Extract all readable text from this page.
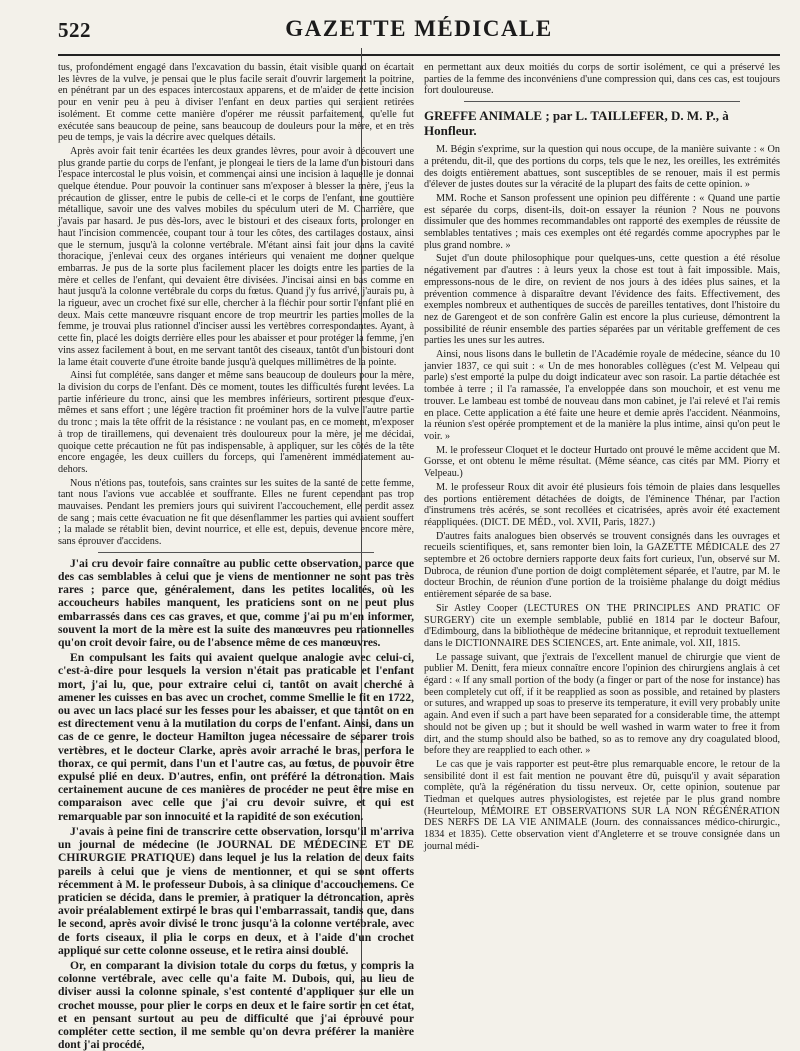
522	GAZETTE MÉDICALE

tus, profondément engagé dans l'excavation du bassin, était visible quand on écartait les lèvres de la vulve, je pensai que le plus facile serait d'ouvrir largement la poitrine, en pénétrant par un des espaces intercostaux apparens, et de m'aider de cette incision pour en venir peu à peu à diviser l'enfant en deux parties qui seraient retirées isolément. Et comme cette manière d'opérer me réussit parfaitement, qu'elle fut exécutée sans beaucoup de peine, sans beaucoup de douleurs pour la mère, et en très peu de temps, je vais la décrire avec quelques détails.

Après avoir fait tenir écartées les deux grandes lèvres, pour avoir à découvert une plus grande partie du corps de l'enfant, je plongeai le tiers de la lame d'un bistouri dans l'espace intercostal le plus voisin, et commençai ainsi une incision à laquelle je donnai quelque étendue. Pour pouvoir la continuer sans m'exposer à blesser la mère, j'eus la précaution de glisser, entre le pubis de celle-ci et le corps de l'enfant, une gouttière métallique, savoir une des valves mobiles du spéculum uteri de M. Charrière, que j'avais par hasard. Je pus dès-lors, avec le bistouri et des ciseaux forts, prolonger en haut l'incision commencée, coupant tour à tour les côtes, des cartilages costaux, ainsi que le sternum, jusqu'à la colonne vertébrale. M'étant ainsi fait jour dans la cavité thoracique, j'enlevai ceux des organes intérieurs qui venaient me donner quelque embarras. Je pus de la sorte plus facilement placer les doigts entre les parties de la mère et celles de l'enfant, qui devaient être divisées. J'incisai ainsi en bas comme en haut jusqu'à la colonne vertébrale du corps du fœtus. Quand j'y fus arrivé, j'aurais pu, à la rigueur, avec un crochet fixé sur elle, chercher à la fléchir pour sortir l'enfant plié en deux. Mais cette manœuvre risquant encore de trop meurtrir les parties molles de la femme, je trouvai plus rationnel d'inciser aussi les vertèbres correspondantes. Ayant, à cette fin, placé les doigts derrière elles pour les abaisser et pour protéger la femme, j'en vins assez facilement à bout, en me servant tantôt des ciseaux, tantôt d'un bistouri dont la lame était couverte d'une étroite bande jusqu'à quelques millimètres de la pointe.

Ainsi fut complétée, sans danger et même sans beaucoup de douleurs pour la mère, la division du corps de l'enfant. Dès ce moment, toutes les difficultés furent levées. La partie inférieure du tronc, ainsi que les membres inférieurs, sortirent presque d'eux-mêmes et sans effort ; une légère traction fit proéminer hors de la vulve l'autre partie du tronc ; mais la tête offrit de la résistance : ne voulant pas, en ce moment, m'exposer à trop de tiraillemens, qui devenaient très douloureux pour la mère, je me décidai, quoique cette précaution ne fût pas indispensable, à appliquer, sur les côtés de la tête encore engagée, les deux cuillers du forceps, qui l'amenèrent immédiatement au-dehors.

Nous n'étions pas, toutefois, sans craintes sur les suites de la santé de cette femme, tant nous l'avions vue accablée et souffrante. Elles ne furent cependant pas trop mauvaises. Pendant les premiers jours qui suivirent l'accouchement, elle perdit assez de sang ; mais cette évacuation ne fit que désenflammer les parties qui avaient souffert ; la malade se rétablit bien, devint nourrice, et elle est, depuis, devenue encore mère, sans éprouver d'accidens.

J'ai cru devoir faire connaître au public cette observation, parce que des cas semblables à celui que je viens de mentionner ne sont pas très rares ; parce que, généralement, dans les petites localités, où les accoucheurs habiles manquent, les praticiens sont on ne peut plus embarrassés dans ces cas graves, et que, comme j'ai pu m'en informer, souvent la mort de la mère est la suite des manœuvres peu rationnelles qu'on croit devoir faire, ou de l'absence même de ces manœuvres.

En compulsant les faits qui avaient quelque analogie avec celui-ci, c'est-à-dire pour lesquels la version n'était pas praticable et l'enfant mort, j'ai lu, que, pour extraire celui ci, tantôt on avait cherché à amener les cuisses en bas avec un crochet, comme Smellie le fit en 1722, ou avec un lacs placé sur les fesses pour les abaisser, et que tantôt on en est directement venu à la mutilation du corps de l'enfant. Ainsi, dans un cas de ce genre, le docteur Hamilton jugea nécessaire de séparer trois vertèbres, et le docteur Clarke, après avoir arraché le bras, perfora le thorax, ce qui permit, dans l'un et l'autre cas, au fœtus, de pouvoir être expulsé plié en deux. D'autres, enfin, ont préféré la détronation. Mais certainement aucune de ces manières de procéder ne peut être mise en comparaison avec celle que j'ai cru devoir suivre, et qui est remarquable par son innocuité et la rapidité de son exécution.

J'avais à peine fini de transcrire cette observation, lorsqu'il m'arriva un journal de médecine (le JOURNAL DE MÉDECINE ET DE CHIRURGIE PRATIQUE) dans lequel je lus la relation de deux faits pareils à celui que je viens de mentionner, et qui se sont offerts récemment à M. le professeur Dubois, à sa clinique d'accouchemens. Ce praticien se décida, dans le premier, à pratiquer la détroncation, après avoir préalablement extirpé le bras qui l'embarrassait, tandis que, dans le second, après avoir divisé le tronc jusqu'à la colonne vertébrale, avec de forts ciseaux, il plia le corps en deux, et à l'aide d'un crochet appliqué sur cette colonne osseuse, et le retira ainsi doublé.

Or, en comparant la division totale du corps du fœtus, y compris la colonne vertébrale, avec celle qu'a faite M. Dubois, qui, au lieu de diviser aussi la colonne spinale, s'est contenté d'appliquer sur elle un crochet mousse, pour plier le corps en deux et le faire sortir en cet état, et en pensant surtout au peu de difficulté que j'ai éprouvé pour compléter cette section, il me semble qu'on devra préférer la manière dont j'ai procédé,

en permettant aux deux moitiés du corps de sortir isolément, ce qui a préservé les parties de la femme des inconvéniens d'une compression qui, dans ces cas, est toujours fort douloureuse.

GREFFE ANIMALE ; par L. TAILLEFER, D. M. P., à Honfleur.

M. Bégin s'exprime, sur la question qui nous occupe, de la manière suivante : « On a prétendu, dit-il, que des portions du corps, tels que le nez, les oreilles, les extrémités des doigts entièrement abattues, sont susceptibles de se renouer, mais il est permis d'élever de justes doutes sur la véracité de la plupart des faits de cette opinion. »

MM. Roche et Sanson professent une opinion peu différente : « Quand une partie est séparée du corps, disent-ils, doit-on essayer la réunion ? Nous ne pouvons dissimuler que des hommes recommandables ont rapporté des exemples de réussite de semblables tentatives ; mais ces exemples ont été regardés comme apocryphes par le plus grand nombre. »

Sujet d'un doute philosophique pour quelques-uns, cette question a été résolue négativement par d'autres : à leurs yeux la chose est tout à fait impossible. Mais, empressons-nous de le dire, on revient de nos jours à des idées plus saines, et la prévention commence à disparaître devant l'évidence des faits. Effectivement, des exemples nombreux et authentiques de succès de pareilles tentatives, dont l'histoire du nez de Garengeot et de son confrère Galin est encore la plus curieuse, démontrent la possibilité de réunir ensemble des parties séparées par un véritable greffement de ces parties les unes sur les autres.

Ainsi, nous lisons dans le bulletin de l'Académie royale de médecine, séance du 10 janvier 1837, ce qui suit : « Un de mes honorables collègues (c'est M. Velpeau qui parle) s'est emporté la pulpe du doigt indicateur avec son rasoir. La partie détachée est tombée à terre ; il l'a ramassée, l'a enveloppée dans son mouchoir, et est venu me trouver. Le lambeau est tombé de nouveau dans mon cabinet, je l'ai relevé et l'ai remis en place. Cette application a été faite une heure et demie après l'accident. Néanmoins, la réunion s'est opérée promptement et de la manière la plus intime, ainsi qu'on peut le voir. »

M. le professeur Cloquet et le docteur Hurtado ont prouvé le même accident que M. Gorsse, et ont obtenu le même résultat. (Même séance, cas cités par MM. Piorry et Velpeau.)

M. le professeur Roux dit avoir été plusieurs fois témoin de plaies dans lesquelles des portions entièrement détachées de doigts, de l'éminence Thénar, par l'action d'instrumens très acérés, se sont recollées et cicatrisées, après avoir été exactement réappliquées. (DICT. DE MÉD., vol. XVII, Paris, 1827.)

D'autres faits analogues bien observés se trouvent consignés dans les ouvrages et recueils scientifiques, et, sans remonter bien loin, la GAZETTE MÉDICALE des 27 septembre et 26 octobre derniers rapporte deux faits fort curieux, l'un, observé sur M. Dubroca, de réunion d'une portion de doigt complètement séparée, et l'autre, par M. le docteur Brochin, de réunion d'une portion de la troisième phalange du doigt médius entièrement séparée de sa base.

Sir Astley Cooper (LECTURES ON THE PRINCIPLES AND PRATIC OF SURGERY) cite un exemple semblable, publié en 1814 par le docteur Bafour, d'Edimbourg, dans la bibliothèque de médecine britannique, et reproduit textuellement dans le DICTIONNAIRE DES SCIENCES, art. Ente animale, vol. XII, 1815.

Le passage suivant, que j'extrais de l'excellent manuel de chirurgie que vient de publier M. Denitt, fera mieux connaître encore l'opinion des chirurgiens anglais à cet égard : « If any small portion of the body (a finger or part of the nose for instance) has been completely cut off, if it be reapplied as soon as possible, and retained by plasters or sutures, and wrapped up soas to preserve its temperature, it evill very probably unite again. And even if such a part have been separated for a considerable time, the attempt should not be given up ; but it should be well washed in warm water to free it from dirt, and the stump should also be bathed, so as to remove any dry coagulated blood, before they are reapplied to each other. »

Le cas que je vais rapporter est peut-être plus remarquable encore, le retour de la sensibilité dont il est fait mention ne pouvant être dû, puisqu'il y avait séparation complète, qu'à la régénération du tissu nerveux. Or, cette opinion, soutenue par Tiedman et quelques autres physiologistes, est rejetée par le plus grand nombre (Heurteloup, MÉMOIRE ET OBSERVATIONS SUR LA NON RÉGÉNÉRATION DES NERFS DE LA VIE ANIMALE (Journ. des connaissances médico-chirurgic., 1834 et 1835). Cette observation vient d'Angleterre et se trouve consignée dans un journal médi-
